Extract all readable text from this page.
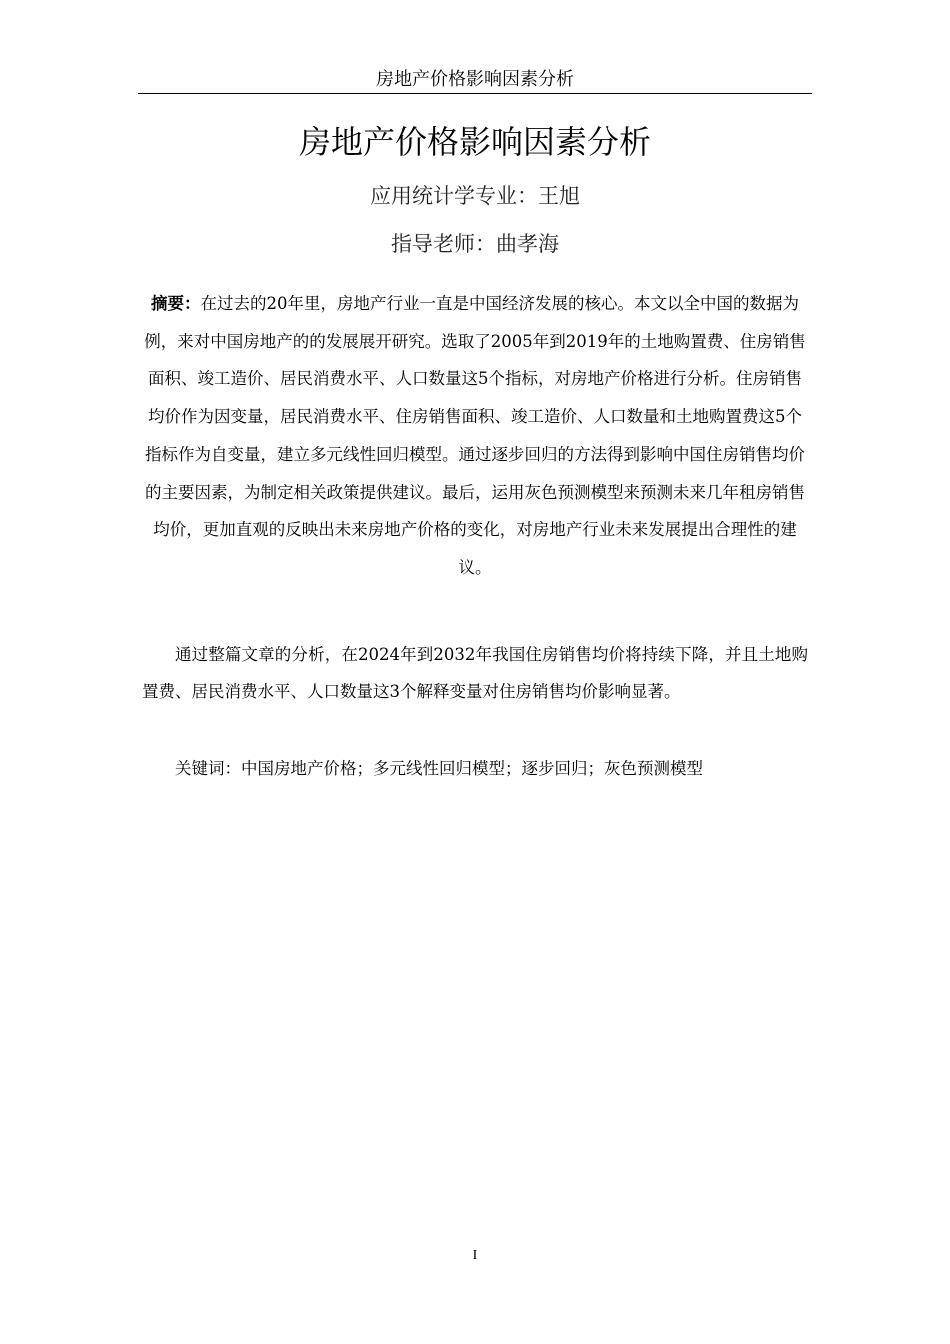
房地产价格影响因素分析
房地产价格影响因素分析
应用统计学专业：王旭
指导老师：曲孝海

摘要：在过去的20年里，房地产行业一直是中国经济发展的核心。本文以全中国的数据为例，来对中国房地产的的发展展开研究。选取了2005年到2019年的土地购置费、住房销售面积、竣工造价、居民消费水平、人口数量这5个指标，对房地产价格进行分析。住房销售均价作为因变量，居民消费水平、住房销售面积、竣工造价、人口数量和土地购置费这5个指标作为自变量，建立多元线性回归模型。通过逐步回归的方法得到影响中国住房销售均价的主要因素，为制定相关政策提供建议。最后，运用灰色预测模型来预测未来几年租房销售均价，更加直观的反映出未来房地产价格的变化，对房地产行业未来发展提出合理性的建议。

通过整篇文章的分析，在2024年到2032年我国住房销售均价将持续下降，并且土地购置费、居民消费水平、人口数量这3个解释变量对住房销售均价影响显著。

关键词：中国房地产价格；多元线性回归模型；逐步回归；灰色预测模型

I
